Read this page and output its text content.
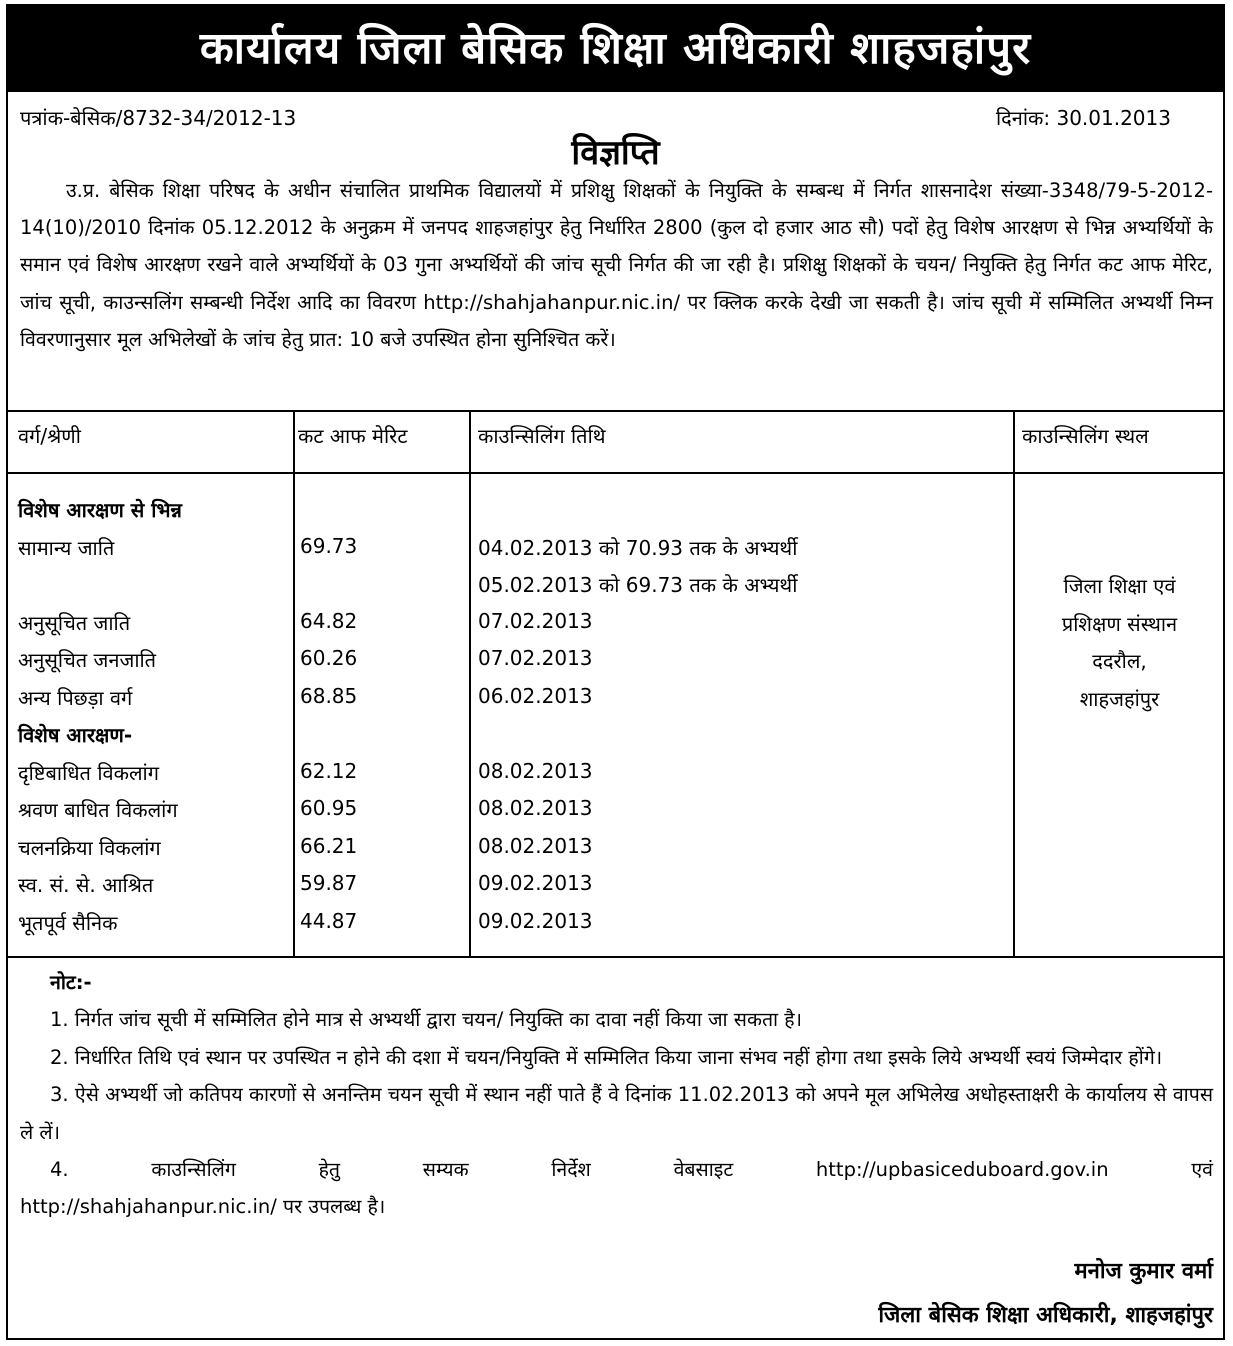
कार्यालय जिला बेसिक शिक्षा अधिकारी शाहजहांपुर
पत्रांक-बेसिक/8732-34/2012-13	दिनांक: 30.01.2013
विज्ञप्ति
उ.प्र. बेसिक शिक्षा परिषद के अधीन संचालित प्राथमिक विद्यालयों में प्रशिक्षु शिक्षकों के नियुक्ति के सम्बन्ध में निर्गत शासनादेश संख्या-3348/79-5-2012-14(10)/2010 दिनांक 05.12.2012 के अनुक्रम में जनपद शाहजहांपुर हेतु निर्धारित 2800 (कुल दो हजार आठ सौ) पदों हेतु विशेष आरक्षण से भिन्न अभ्यर्थियों के समान एवं विशेष आरक्षण रखने वाले अभ्यर्थियों के 03 गुना अभ्यर्थियों की जांच सूची निर्गत की जा रही है। प्रशिक्षु शिक्षकों के चयन/ नियुक्ति हेतु निर्गत कट आफ मेरिट, जांच सूची, काउन्सलिंग सम्बन्धी निर्देश आदि का विवरण http://shahjahanpur.nic.in/ पर क्लिक करके देखी जा सकती है। जांच सूची में सम्मिलित अभ्यर्थी निम्न विवरणानुसार मूल अभिलेखों के जांच हेतु प्रात: 10 बजे उपस्थित होना सुनिश्चित करें।
वर्ग/श्रेणी	कट आफ मेरिट	काउन्सिलिंग तिथि	काउन्सिलिंग स्थल
विशेष आरक्षण से भिन्न
सामान्य जाति	69.73	04.02.2013 को 70.93 तक के अभ्यर्थी
05.02.2013 को 69.73 तक के अभ्यर्थी
अनुसूचित जाति	64.82	07.02.2013
अनुसूचित जनजाति	60.26	07.02.2013
अन्य पिछड़ा वर्ग	68.85	06.02.2013
विशेष आरक्षण-
दृष्टिबाधित विकलांग	62.12	08.02.2013
श्रवण बाधित विकलांग	60.95	08.02.2013
चलनक्रिया विकलांग	66.21	08.02.2013
स्व. सं. से. आश्रित	59.87	09.02.2013
भूतपूर्व सैनिक	44.87	09.02.2013
जिला शिक्षा एवं
प्रशिक्षण संस्थान
ददरौल,
शाहजहांपुर

नोट:-

1. निर्गत जांच सूची में सम्मिलित होने मात्र से अभ्यर्थी द्वारा चयन/ नियुक्ति का दावा नहीं किया जा सकता है।

2. निर्धारित तिथि एवं स्थान पर उपस्थित न होने की दशा में चयन/नियुक्ति में सम्मिलित किया जाना संभव नहीं होगा तथा इसके लिये अभ्यर्थी स्वयं जिम्मेदार होंगे।

3. ऐसे अभ्यर्थी जो कतिपय कारणों से अनन्तिम चयन सूची में स्थान नहीं पाते हैं वे दिनांक 11.02.2013 को अपने मूल अभिलेख अधोहस्ताक्षरी के कार्यालय से वापस ले लें।

4.	काउन्सिलिंग	हेतु	सम्यक	निर्देश	वेबसाइट	http://upbasiceduboard.gov.in	एवं

http://shahjahanpur.nic.in/ पर उपलब्ध है।

मनोज कुमार वर्मा
जिला बेसिक शिक्षा अधिकारी, शाहजहांपुर
